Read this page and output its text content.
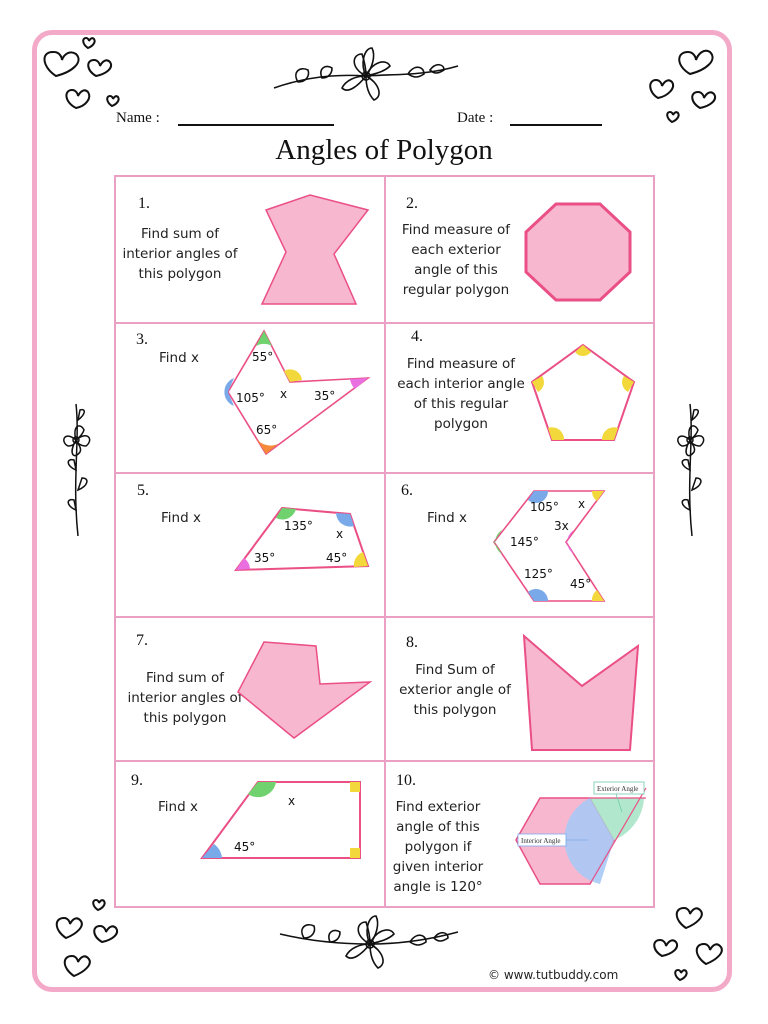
Name :	Date :
Angles of Polygon
1.
Find sum of interior angles of this polygon
2.
Find measure of each exterior angle of this regular polygon
3.
Find x	55°
105° x 35°
65°
4.
Find measure of each interior angle of this regular polygon
5.
Find x	135°
x
35°	45°
6.
Find x
105° x
3x
145°
125°
45°
7.
Find sum of interior angles of this polygon
8.
Find Sum of exterior angle of this polygon
9.
Find x	x
45°
10.
Find exterior angle of this polygon if given interior angle is 120°
Exterior Angle
Interior Angle
© www.tutbuddy.com
